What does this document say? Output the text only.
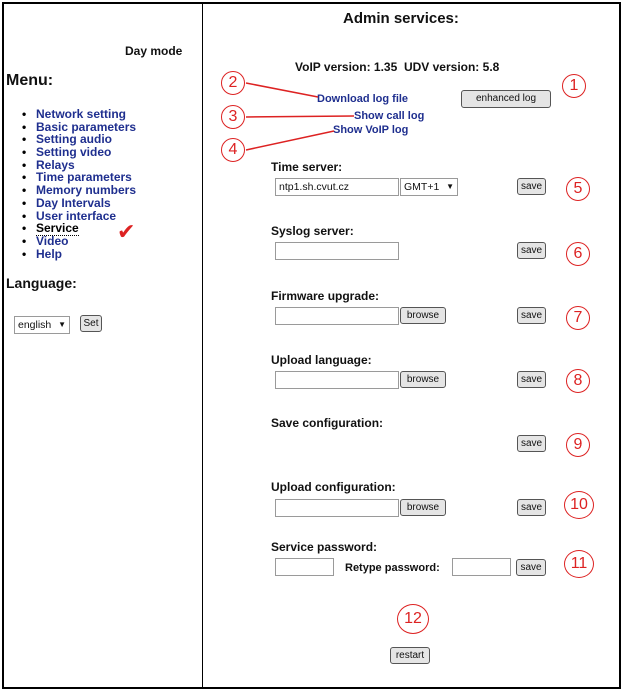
Day mode
Menu:
• Network setting
• Basic parameters
• Setting audio
• Setting video
• Relays
• Time parameters
• Memory numbers
• Day Intervals
• User interface
• Service
• Video
• Help
✔
Language:
english ▼	Set
Admin services:
VoIP version: 1.35 UDV version: 5.8
Download log file	enhanced log
Show call log
Show VoIP log
Time server:
ntp1.sh.cvut.cz	GMT+1 ▼	save
Syslog server:
save
Firmware upgrade:
browse	save
Upload language:
browse	save
Save configuration:
save
Upload configuration:
browse	save
Service password:
Retype password:	save
restart
1
2
3
4
5
6
7
8
9
10
11
12
